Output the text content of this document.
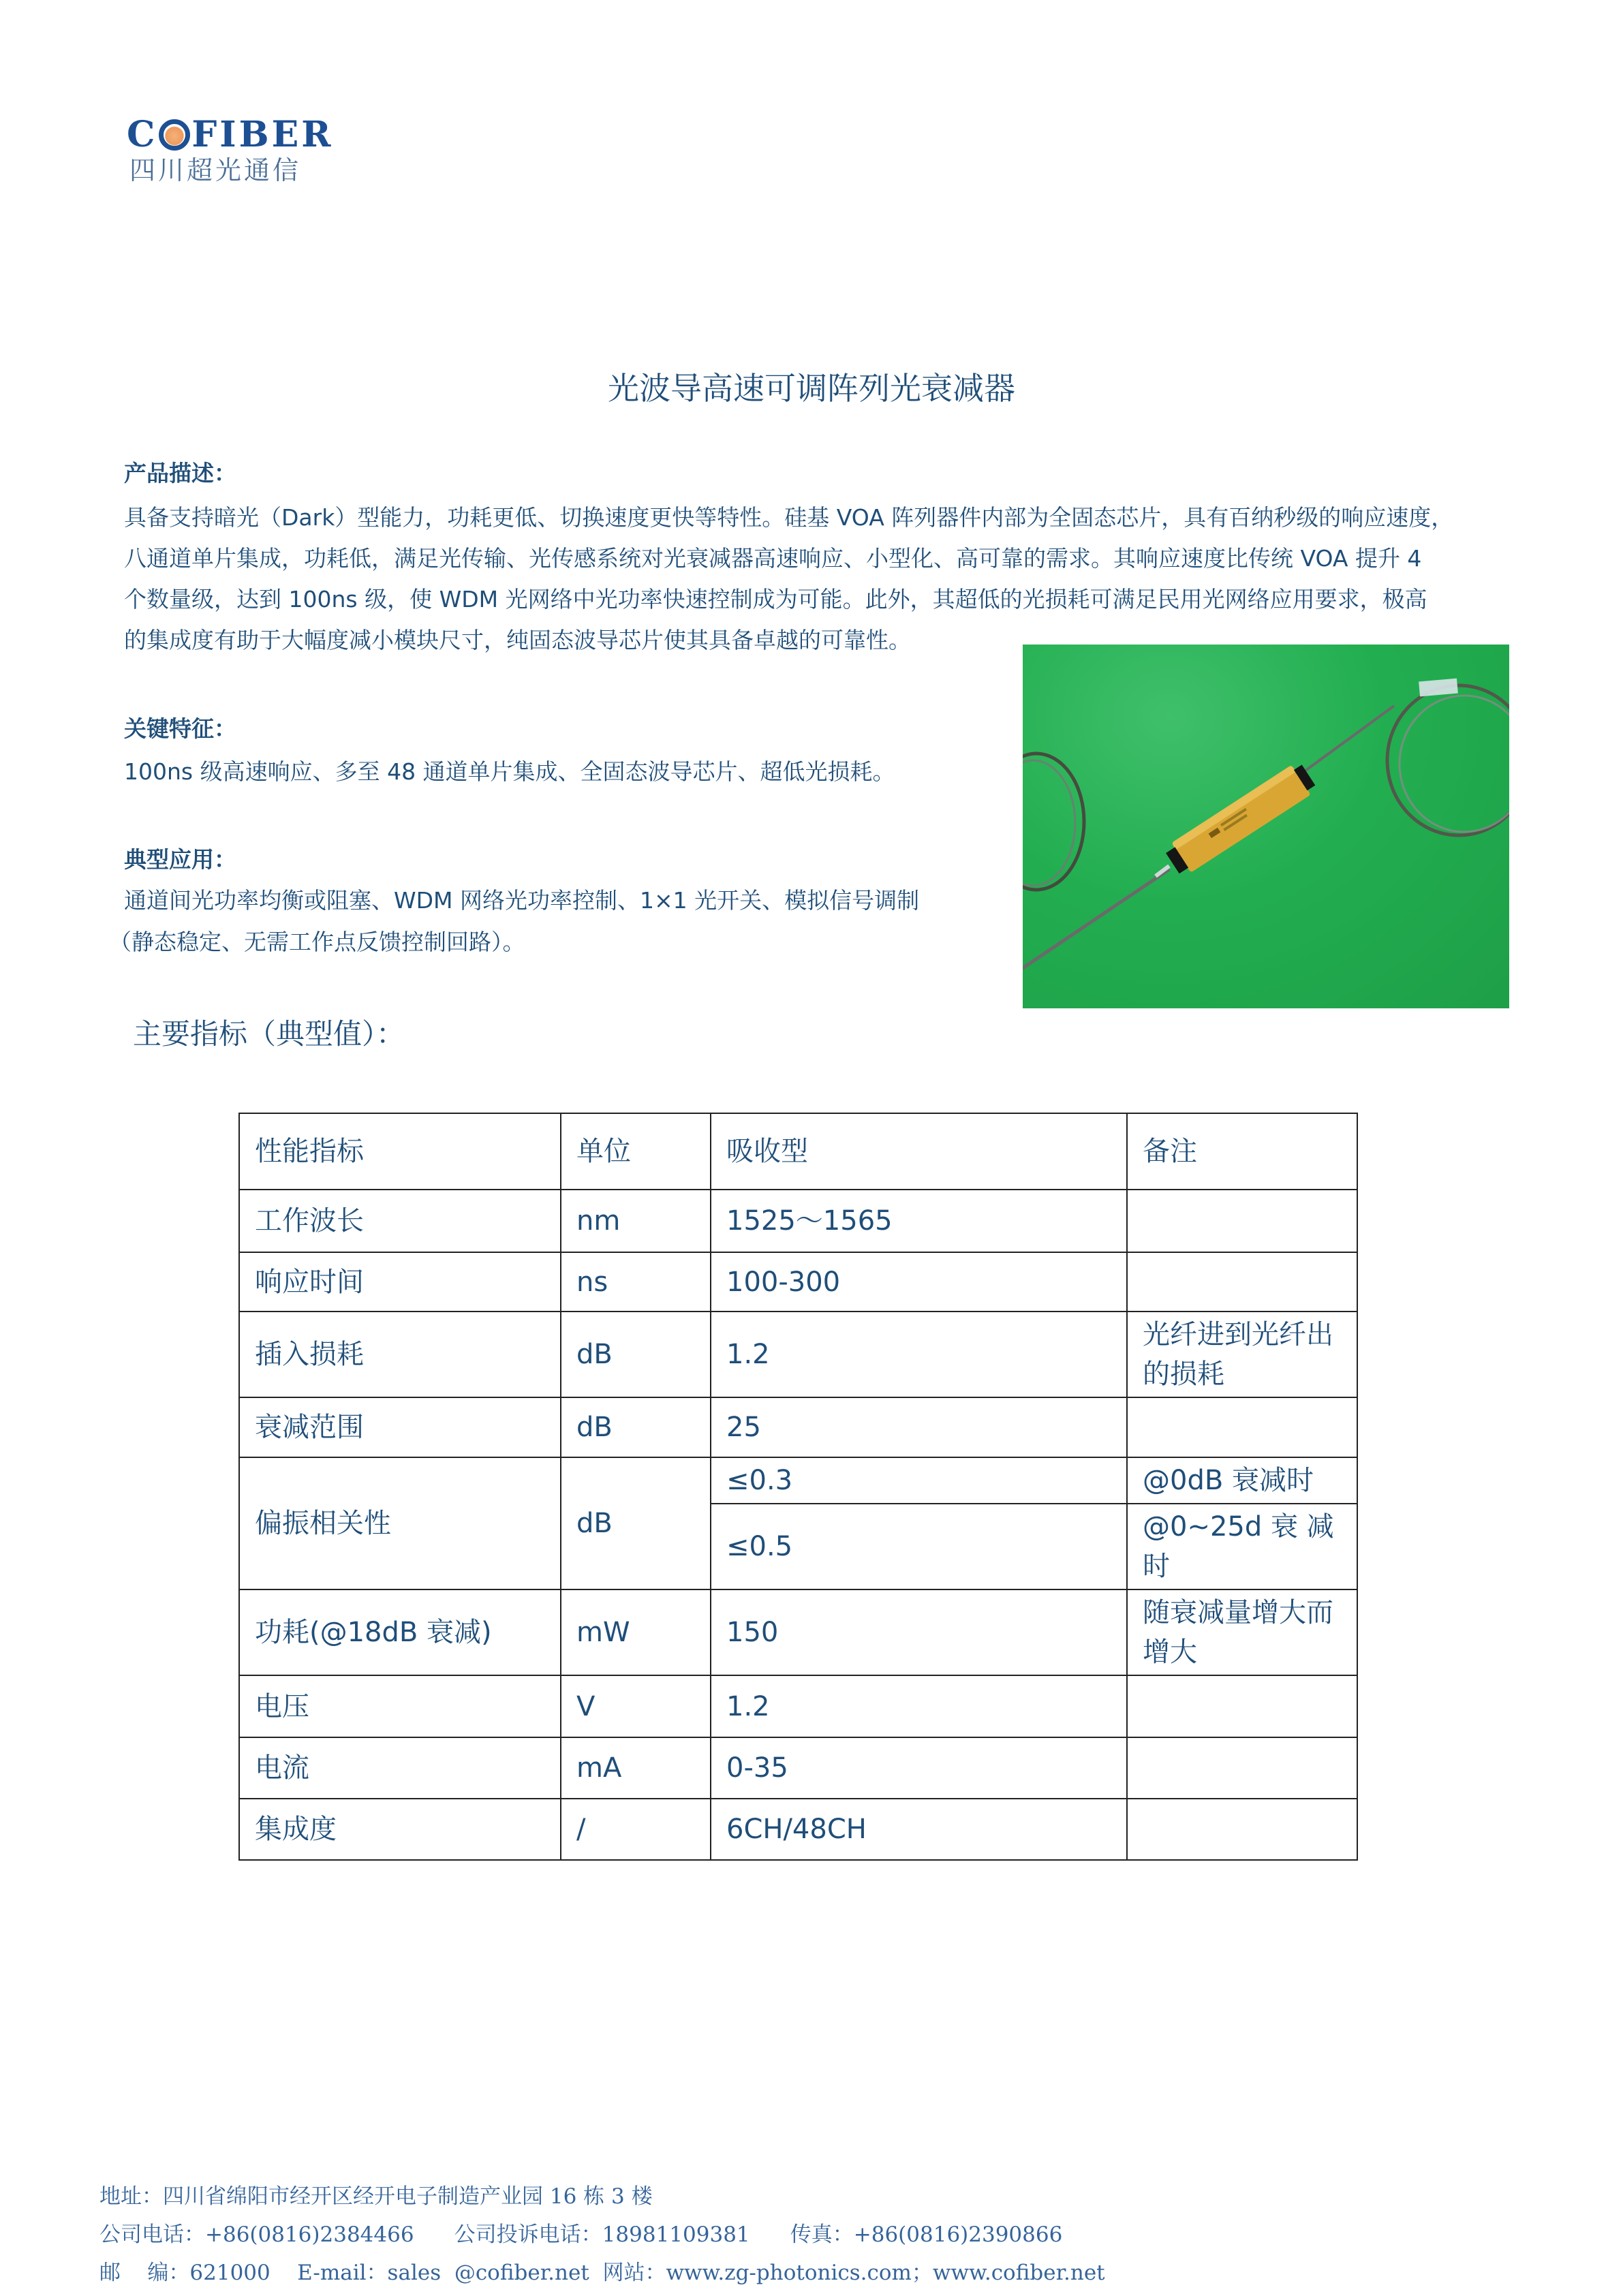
C FIBER
四川超光通信
光波导高速可调阵列光衰减器
产品描述：
具备支持暗光（Dark）型能力，功耗更低、切换速度更快等特性。硅基 VOA 阵列器件内部为全固态芯片，具有百纳秒级的响应速度，
八通道单片集成，功耗低，满足光传输、光传感系统对光衰减器高速响应、小型化、高可靠的需求。其响应速度比传统 VOA 提升 4
个数量级，达到 100ns 级，使 WDM 光网络中光功率快速控制成为可能。此外，其超低的光损耗可满足民用光网络应用要求，极高
的集成度有助于大幅度减小模块尺寸，纯固态波导芯片使其具备卓越的可靠性。
关键特征：
100ns 级高速响应、多至 48 通道单片集成、全固态波导芯片、超低光损耗。
典型应用：
通道间光功率均衡或阻塞、WDM 网络光功率控制、1×1 光开关、模拟信号调制
（静态稳定、无需工作点反馈控制回路）。
主要指标（典型值）：
性能指标	单位	吸收型	备注
工作波长	nm	1525～1565	
响应时间	ns	100-300	
插入损耗	dB	1.2	光纤进到光纤出的损耗
衰减范围	dB	25	
偏振相关性	dB	≤0.3	@0dB 衰减时
		≤0.5	@0~25d 衰 减时
功耗(@18dB 衰减)	mW	150	随衰减量增大而增大
电压	V	1.2	
电流	mA	0-35	
集成度	/	6CH/48CH	
地址：四川省绵阳市经开区经开电子制造产业园 16 栋 3 楼
公司电话：+86(0816)2384466      公司投诉电话：18981109381      传真：+86(0816)2390866
邮    编：621000    E-mail：sales  @cofiber.net  网站：www.zg-photonics.com；www.cofiber.net
